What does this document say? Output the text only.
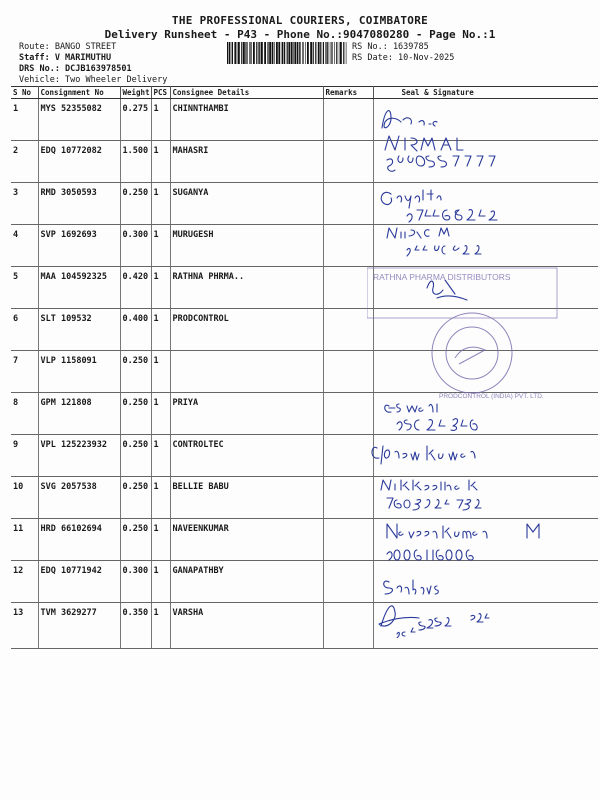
THE PROFESSIONAL COURIERS, COIMBATORE
Delivery Runsheet - P43 - Phone No.:9047080280 - Page No.:1
Route: BANGO STREET
Staff: V MARIMUTHU
DRS No.: DCJB163978501
Vehicle: Two Wheeler Delivery
RS No.: 1639785
RS Date: 10-Nov-2025
S No	Consignment No	Weight	PCS	Consignee Details	Remarks	Seal & Signature
1	MYS 52355082	0.275	1	CHINNTHAMBI		
2	EDQ 10772082	1.500	1	MAHASRI		
3	RMD 3050593	0.250	1	SUGANYA		
4	SVP 1692693	0.300	1	MURUGESH		
5	MAA 104592325	0.420	1	RATHNA PHRMA..		
6	SLT 109532	0.400	1	PRODCONTROL		
7	VLP 1158091	0.250	1			
8	GPM 121808	0.250	1	PRIYA		
9	VPL 125223932	0.250	1	CONTROLTEC		
10	SVG 2057538	0.250	1	BELLIE BABU		
11	HRD 66102694	0.250	1	NAVEENKUMAR		
12	EDQ 10771942	0.300	1	GANAPATHBY		
13	TVM 3629277	0.350	1	VARSHA		
RATHNA PHARMA DISTRIBUTORS
PRODCONTROL (INDIA) PVT. LTD.
